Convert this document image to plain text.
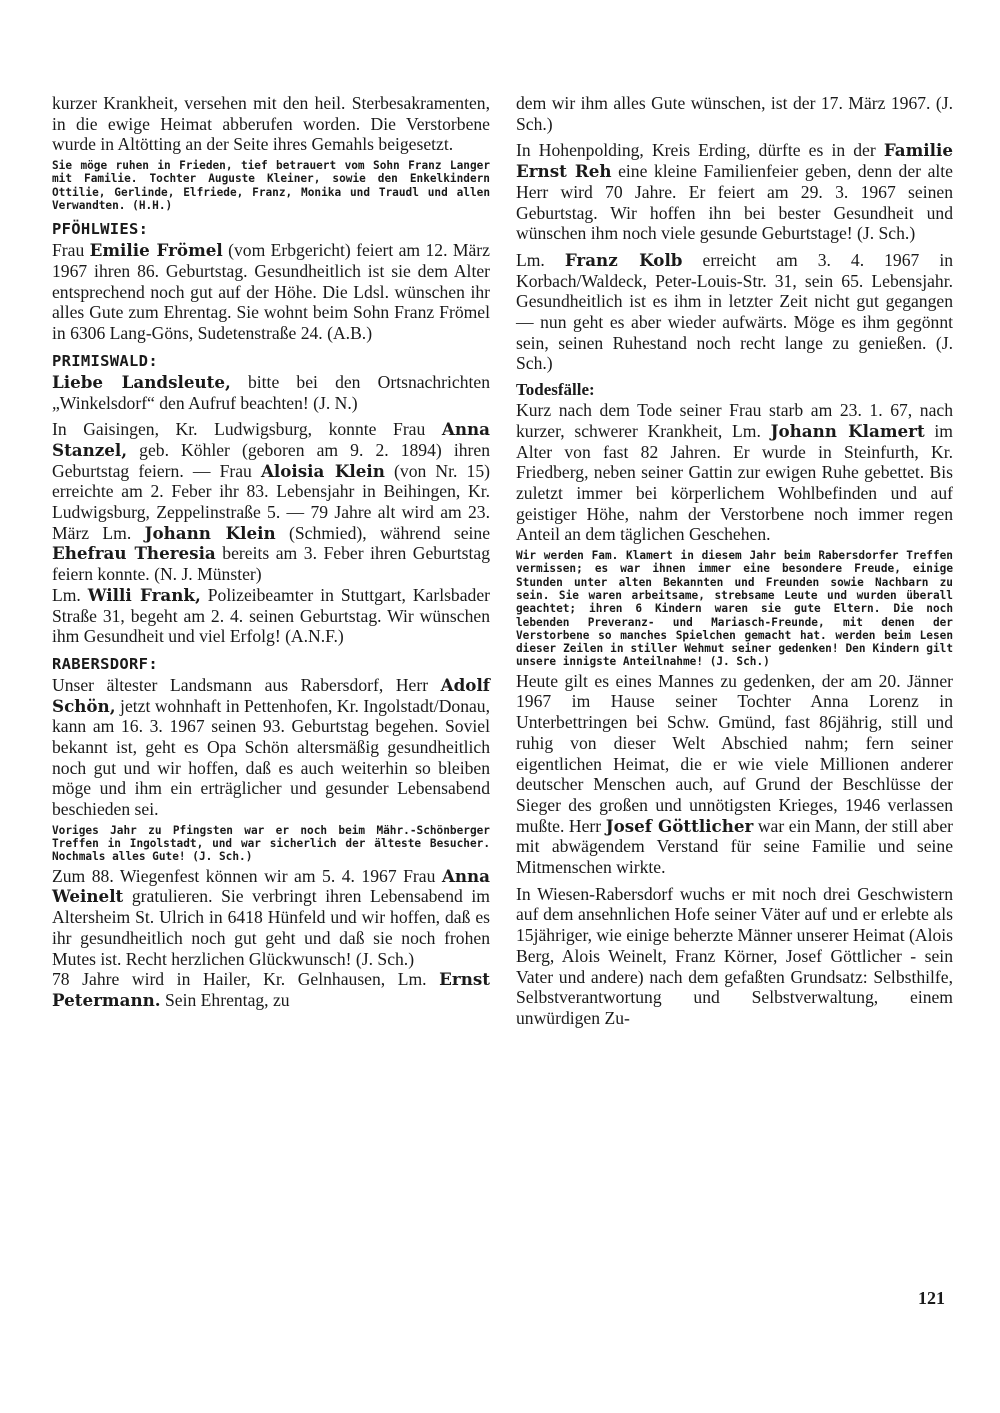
kurzer Krankheit, versehen mit den heil. Sterbesakramenten, in die ewige Heimat abberufen worden. Die Verstorbene wurde in Altötting an der Seite ihres Gemahls beigesetzt.

Sie möge ruhen in Frieden, tief betrauert vom Sohn Franz Langer mit Familie. Tochter Auguste Kleiner, sowie den Enkelkindern Ottilie, Gerlinde, Elfriede, Franz, Monika und Traudl und allen Verwandten. (H.H.)

PFÖHLWIES:

Frau Emilie Frömel (vom Erbgericht) feiert am 12. März 1967 ihren 86. Geburtstag. Gesundheitlich ist sie dem Alter entsprechend noch gut auf der Höhe. Die Ldsl. wünschen ihr alles Gute zum Ehrentag. Sie wohnt beim Sohn Franz Frömel in 6306 Lang-Göns, Sudetenstraße 24. (A.B.)

PRIMISWALD:

Liebe Landsleute, bitte bei den Ortsnachrichten „Winkelsdorf“ den Aufruf beachten! (J. N.)

In Gaisingen, Kr. Ludwigsburg, konnte Frau Anna Stanzel, geb. Köhler (geboren am 9. 2. 1894) ihren Geburtstag feiern. — Frau Aloisia Klein (von Nr. 15) erreichte am 2. Feber ihr 83. Lebensjahr in Beihingen, Kr. Ludwigsburg, Zeppelinstraße 5. — 79 Jahre alt wird am 23. März Lm. Johann Klein (Schmied), während seine Ehefrau Theresia bereits am 3. Feber ihren Geburtstag feiern konnte. (N. J. Münster)

Lm. Willi Frank, Polizeibeamter in Stuttgart, Karlsbader Straße 31, begeht am 2. 4. seinen Geburtstag. Wir wünschen ihm Gesundheit und viel Erfolg! (A.N.F.)

RABERSDORF:

Unser ältester Landsmann aus Rabersdorf, Herr Adolf Schön, jetzt wohnhaft in Pettenhofen, Kr. Ingolstadt/Donau, kann am 16. 3. 1967 seinen 93. Geburtstag begehen. Soviel bekannt ist, geht es Opa Schön altersmäßig gesundheitlich noch gut und wir hoffen, daß es auch weiterhin so bleiben möge und ihm ein erträglicher und gesunder Lebensabend beschieden sei.

Voriges Jahr zu Pfingsten war er noch beim Mähr.-Schönberger Treffen in Ingolstadt, und war sicherlich der älteste Besucher. Nochmals alles Gute! (J. Sch.)

Zum 88. Wiegenfest können wir am 5. 4. 1967 Frau Anna Weinelt gratulieren. Sie verbringt ihren Lebensabend im Altersheim St. Ulrich in 6418 Hünfeld und wir hoffen, daß es ihr gesundheitlich noch gut geht und daß sie noch frohen Mutes ist. Recht herzlichen Glückwunsch! (J. Sch.)

78 Jahre wird in Hailer, Kr. Gelnhausen, Lm. Ernst Petermann. Sein Ehrentag, zu

dem wir ihm alles Gute wünschen, ist der 17. März 1967. (J. Sch.)

In Hohenpolding, Kreis Erding, dürfte es in der Familie Ernst Reh eine kleine Familienfeier geben, denn der alte Herr wird 70 Jahre. Er feiert am 29. 3. 1967 seinen Geburtstag. Wir hoffen ihn bei bester Gesundheit und wünschen ihm noch viele gesunde Geburtstage! (J. Sch.)

Lm. Franz Kolb erreicht am 3. 4. 1967 in Korbach/Waldeck, Peter-Louis-Str. 31, sein 65. Lebensjahr. Gesundheitlich ist es ihm in letzter Zeit nicht gut gegangen — nun geht es aber wieder aufwärts. Möge es ihm gegönnt sein, seinen Ruhestand noch recht lange zu genießen. (J. Sch.)

Todesfälle:

Kurz nach dem Tode seiner Frau starb am 23. 1. 67, nach kurzer, schwerer Krankheit, Lm. Johann Klamert im Alter von fast 82 Jahren. Er wurde in Steinfurth, Kr. Friedberg, neben seiner Gattin zur ewigen Ruhe gebettet. Bis zuletzt immer bei körperlichem Wohlbefinden und auf geistiger Höhe, nahm der Verstorbene noch immer regen Anteil an dem täglichen Geschehen.

Wir werden Fam. Klamert in diesem Jahr beim Rabersdorfer Treffen vermissen; es war ihnen immer eine besondere Freude, einige Stunden unter alten Bekannten und Freunden sowie Nachbarn zu sein. Sie waren arbeitsame, strebsame Leute und wurden überall geachtet; ihren 6 Kindern waren sie gute Eltern. Die noch lebenden Preveranz- und Mariasch-Freunde, mit denen der Verstorbene so manches Spielchen gemacht hat. werden beim Lesen dieser Zeilen in stiller Wehmut seiner gedenken! Den Kindern gilt unsere innigste Anteilnahme! (J. Sch.)

Heute gilt es eines Mannes zu gedenken, der am 20. Jänner 1967 im Hause seiner Tochter Anna Lorenz in Unterbettringen bei Schw. Gmünd, fast 86jährig, still und ruhig von dieser Welt Abschied nahm; fern seiner eigentlichen Heimat, die er wie viele Millionen anderer deutscher Menschen auch, auf Grund der Beschlüsse der Sieger des großen und unnötigsten Krieges, 1946 verlassen mußte. Herr Josef Göttlicher war ein Mann, der still aber mit abwägendem Verstand für seine Familie und seine Mitmenschen wirkte.

In Wiesen-Rabersdorf wuchs er mit noch drei Geschwistern auf dem ansehnlichen Hofe seiner Väter auf und er erlebte als 15jähriger, wie einige beherzte Männer unserer Heimat (Alois Berg, Alois Weinelt, Franz Körner, Josef Göttlicher - sein Vater und andere) nach dem gefaßten Grundsatz: Selbsthilfe, Selbstverantwortung und Selbstverwaltung, einem unwürdigen Zu-

121
